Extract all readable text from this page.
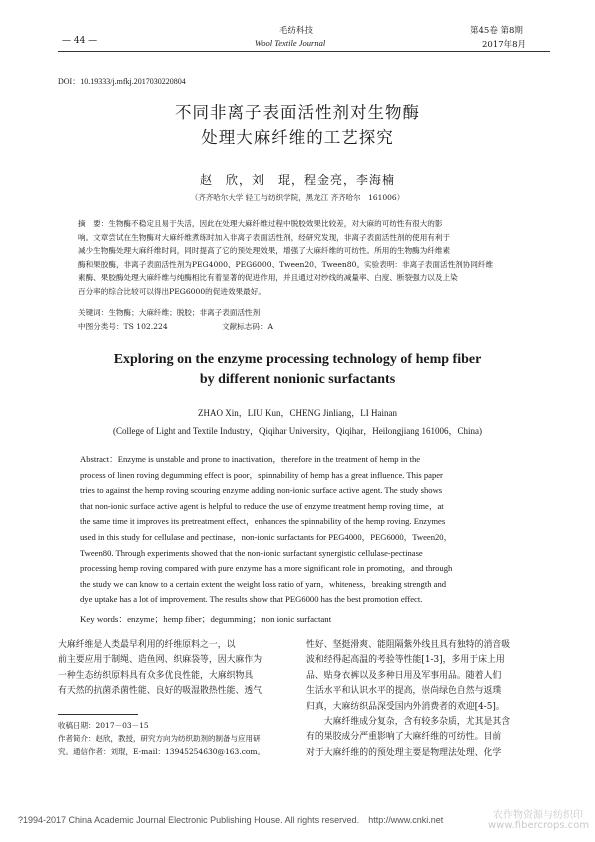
毛纺科技
Wool Textile Journal
— 44 —
第45卷 第8期
2017年8月
DOI：10.19333/j.mfkj.2017030220804
不同非离子表面活性剂对生物酶
处理大麻纤维的工艺探究
赵　欣，刘　琨，程金亮，李海楠
（齐齐哈尔大学 轻工与纺织学院，黑龙江 齐齐哈尔　161006）
摘　要：生物酶不稳定且易于失活，因此在处理大麻纤维过程中脱胶效果比较差，对大麻的可纺性有很大的影
响。文章尝试在生物酶对大麻纤维煮练时加入非离子表面活性剂，经研究发现，非离子表面活性剂的使用有利于
减少生物酶处理大麻纤维时间，同时提高了它的预处理效果，增强了大麻纤维的可纺性。所用的生物酶为纤维素
酶和果胶酶，非离子表面活性剂为PEG4000、PEG6000、Tween20、Tween80。实验表明：非离子表面活性剂协同纤维
素酶、果胶酶处理大麻纤维与纯酶相比有着显著的促进作用，并且通过对纱线的减量率、白度、断裂强力以及上染
百分率的综合比较可以得出PEG6000的促进效果最好。
关键词：生物酶；大麻纤维；脱胶；非离子表面活性剂
中图分类号：TS 102.224	文献标志码：A
Exploring on the enzyme processing technology of hemp fiber
by different nonionic surfactants
ZHAO Xin，LIU Kun，CHENG Jinliang，LI Hainan
(College of Light and Textile Industry，Qiqihar University，Qiqihar，Heilongjiang 161006，China)
Abstract：Enzyme is unstable and prone to inactivation，therefore in the treatment of hemp in the
process of linen roving degumming effect is poor，spinnability of hemp has a great influence. This paper
tries to against the hemp roving scouring enzyme adding non-ionic surface active agent. The study shows
that non-ionic surface active agent is helpful to reduce the use of enzyme treatment hemp roving time，at
the same time it improves its pretreatment effect，enhances the spinnability of the hemp roving. Enzymes
used in this study for cellulase and pectinase，non-ionic surfactants for PEG4000，PEG6000，Tween20，
Tween80. Through experiments showed that the non-ionic surfactant synergistic cellulase-pectinase
processing hemp roving compared with pure enzyme has a more significant role in promoting，and through
the study we can know to a certain extent the weight loss ratio of yarn，whiteness，breaking strength and
dye uptake has a lot of improvement. The results show that PEG6000 has the best promotion effect.
Key words：enzyme；hemp fiber；degumming；non ionic surfactant
大麻纤维是人类最早利用的纤维原料之一，以
前主要应用于制绳、造鱼网、织麻袋等，因大麻作为
一种生态纺织原料具有众多优良性能，大麻织物具
有天然的抗菌杀菌性能、良好的吸湿散热性能、透气
收稿日期：2017－03－15
作者简介：赵欣，教授，研究方向为纺织助剂的制备与应用研
究。通信作者：刘琨，E-mail：13945254630@163.com。
性好、坚挺滑爽、能阻隔紫外线且具有独特的消音吸
波和经得起高温的考验等性能[1-3]，多用于床上用
品、贴身衣裤以及多种日用及军事用品。随着人们
生活水平和认识水平的提高，崇尚绿色自然与返璞
归真，大麻纺织品深受国内外消费者的欢迎[4-5]。
　　大麻纤维成分复杂，含有较多杂质，尤其是其含
有的果胶成分严重影响了大麻纤维的可纺性。目前
对于大麻纤维的的预处理主要是物理法处理、化学
?1994-2017 China Academic Journal Electronic Publishing House. All rights reserved.　http://www.cnki.net	农作物资源与纺织印
www.fibercrops.com
